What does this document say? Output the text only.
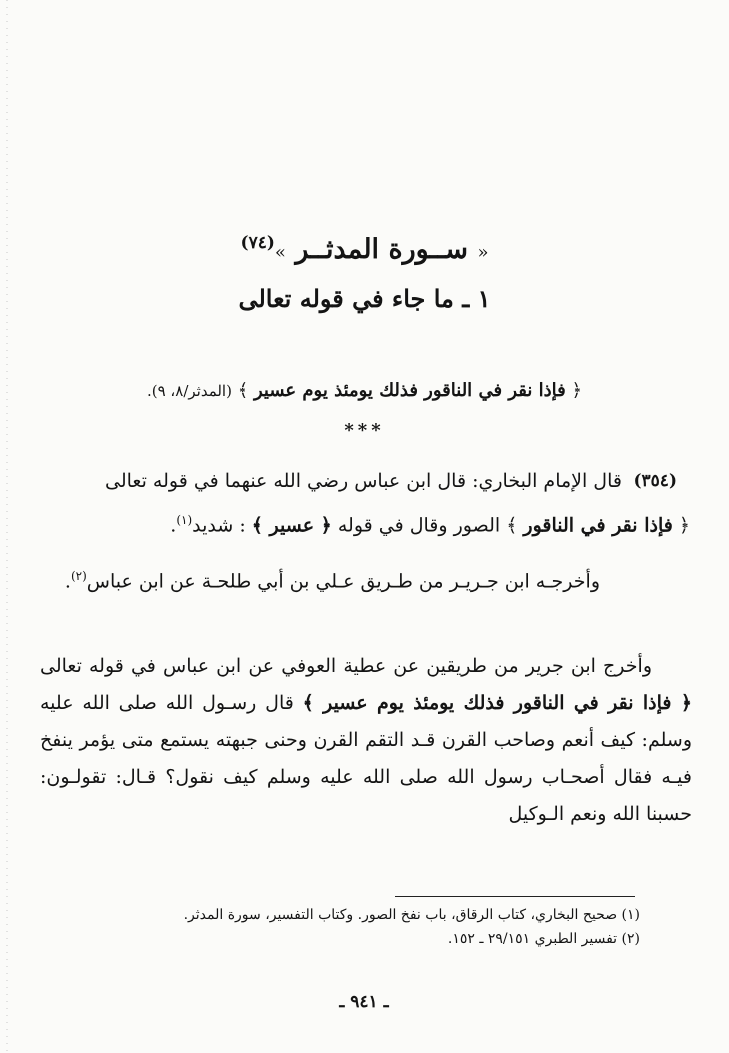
« ســورة المدثــر »$^{(٧٤)}$
١ ـ ما جاء في قوله تعالى
﴿ فإذا نقر في الناقور فذلك يومئذ يوم عسير ﴾ (المدثر/٨، ٩).
***
(٣٥٤)
قال الإمام البخاري: قال ابن عباس رضي الله عنهما في قوله تعالى
﴿ فإذا نقر في الناقور ﴾ الصور وقال في قوله ﴿ عسير ﴾ : شديد$^{(١)}$.
وأخرجـه ابن جـريـر من طـريق عـلي بن أبي طلحـة عن ابن عباس$^{(٢)}$.
وأخرج ابن جرير من طريقين عن عطية العوفي عن ابن عباس في قوله تعالى ﴿ فإذا نقر في الناقور فذلك يومئذ يوم عسير ﴾ قال رسـول الله صلى الله عليه وسلم: كيف أنعم وصاحب القرن قـد التقم القرن وحنى جبهته يستمع متى يؤمر ينفخ فيـه فقال أصحـاب رسول الله صلى الله عليه وسلم كيف نقول؟ قـال: تقولـون: حسبنا الله ونعم الـوكيل
(١) صحيح البخاري، كتاب الرقاق، باب نفخ الصور. وكتاب التفسير، سورة المدثر.
(٢) تفسير الطبري ٢٩/١٥١ ـ ١٥٢.
ـ ٩٤١ ـ
